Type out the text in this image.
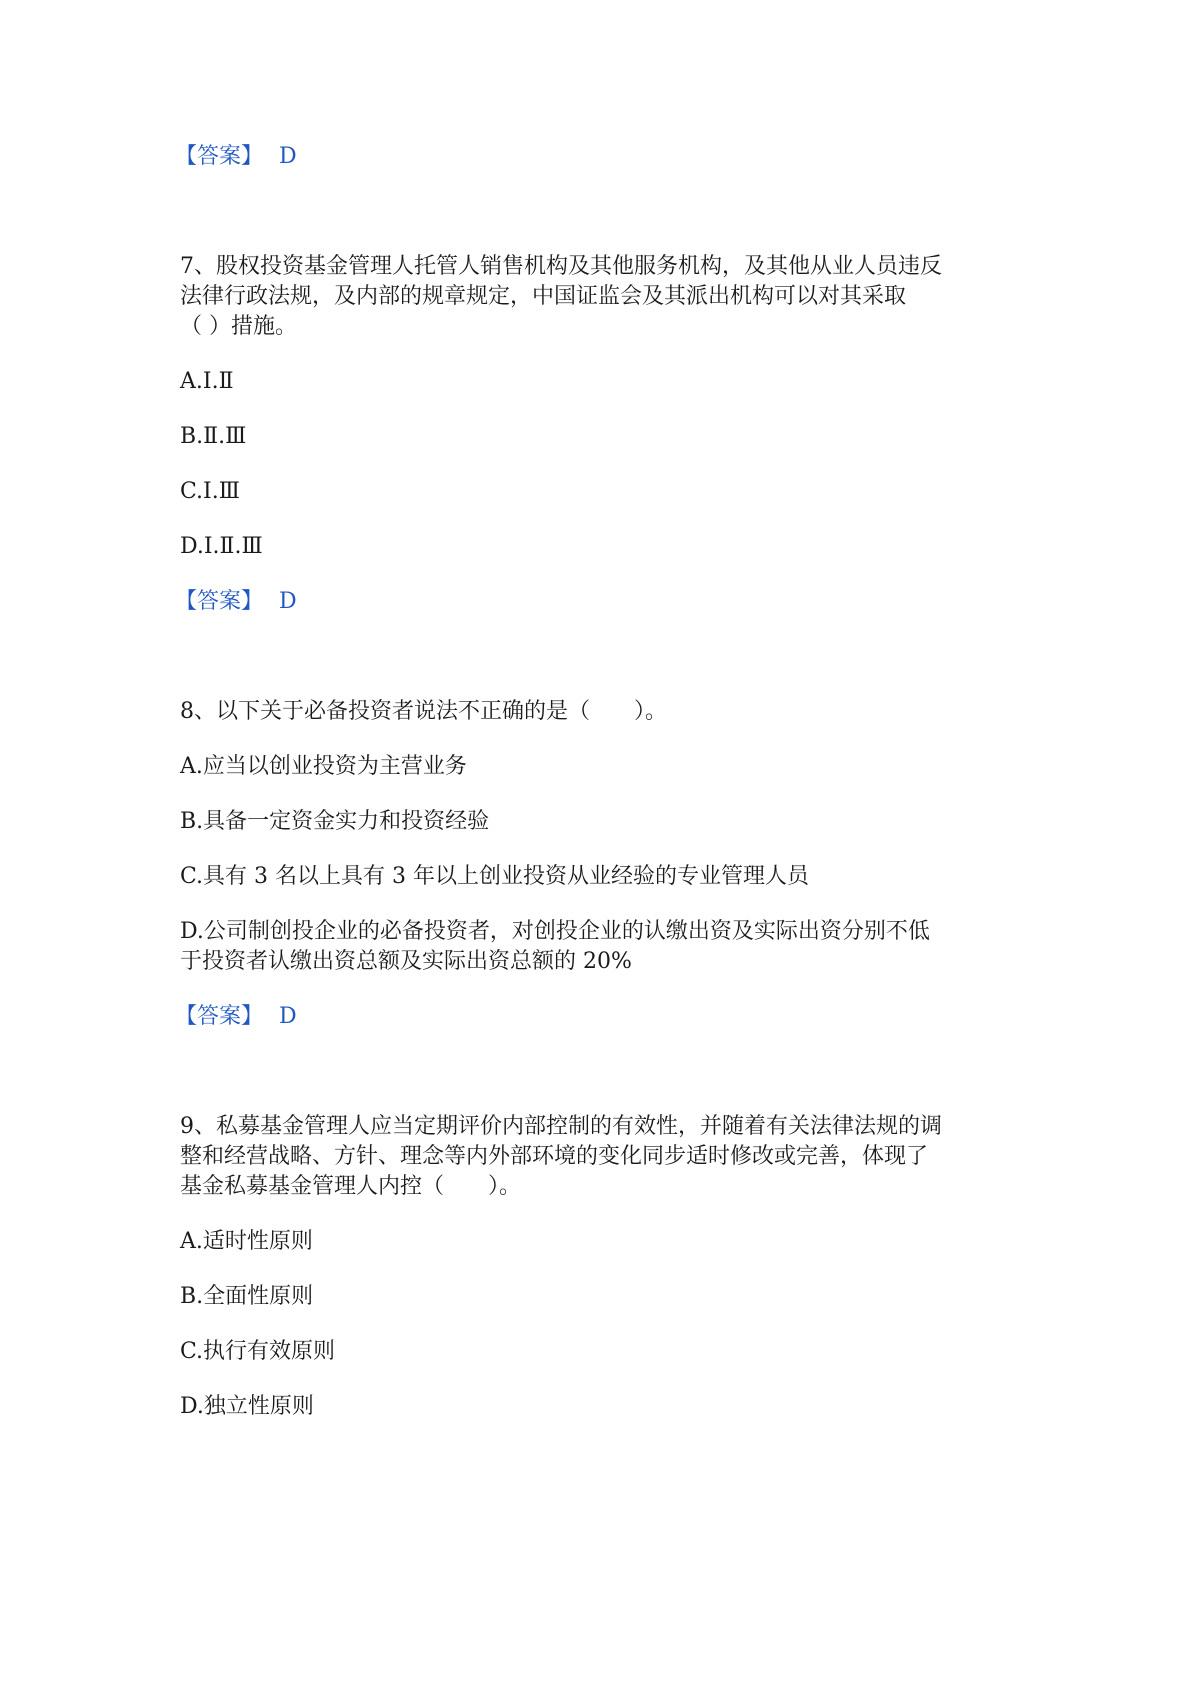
【答案】 D
7、股权投资基金管理人托管人销售机构及其他服务机构，及其他从业人员违反
法律行政法规，及内部的规章规定，中国证监会及其派出机构可以对其采取
（ ）措施。
A.Ⅰ.Ⅱ
B.Ⅱ.Ⅲ
C.Ⅰ.Ⅲ
D.Ⅰ.Ⅱ.Ⅲ
【答案】 D
8、以下关于必备投资者说法不正确的是（　　）。
A.应当以创业投资为主营业务
B.具备一定资金实力和投资经验
C.具有 3 名以上具有 3 年以上创业投资从业经验的专业管理人员
D.公司制创投企业的必备投资者，对创投企业的认缴出资及实际出资分别不低
于投资者认缴出资总额及实际出资总额的 20%
【答案】 D
9、私募基金管理人应当定期评价内部控制的有效性，并随着有关法律法规的调
整和经营战略、方针、理念等内外部环境的变化同步适时修改或完善，体现了
基金私募基金管理人内控（　　）。
A.适时性原则
B.全面性原则
C.执行有效原则
D.独立性原则
